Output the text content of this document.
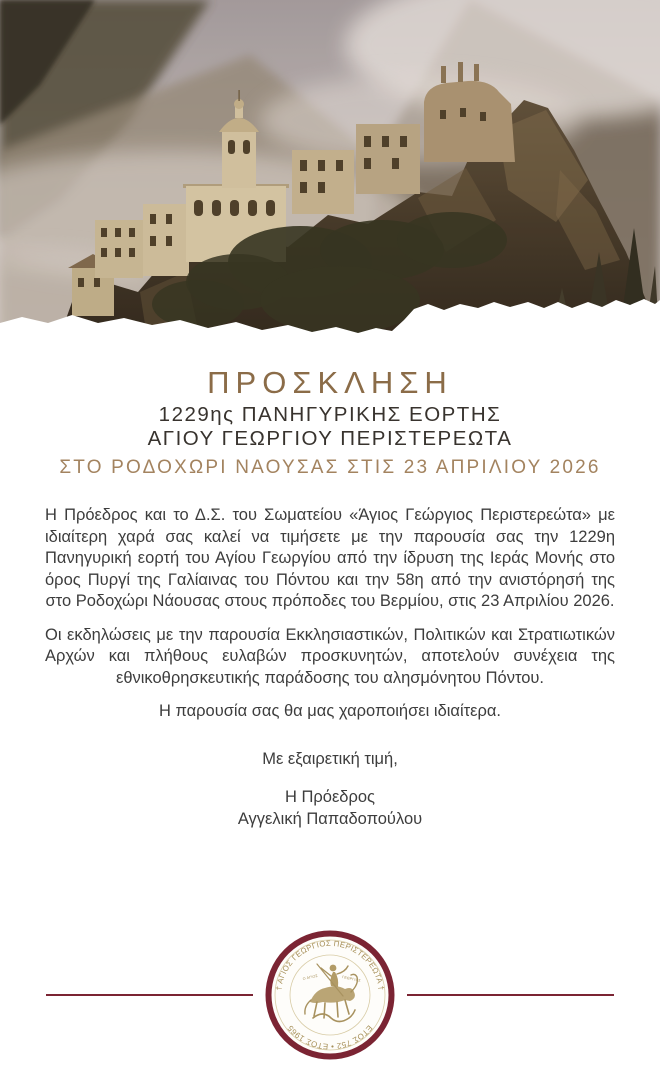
ΠΡΟΣΚΛΗΣΗ
1229ης ΠΑΝΗΓΥΡΙΚΗΣ ΕΟΡΤΗΣ
ΑΓΙΟΥ ΓΕΩΡΓΙΟΥ ΠΕΡΙΣΤΕΡΕΩΤΑ
ΣΤΟ ΡΟΔΟΧΩΡΙ ΝΑΟΥΣΑΣ ΣΤΙΣ 23 ΑΠΡΙΛΙΟΥ 2026

Η Πρόεδρος και το Δ.Σ. του Σωματείου «Άγιος Γεώργιος Περιστερεώτα» με ιδιαίτερη χαρά σας καλεί να τιμήσετε με την παρουσία σας την 1229η Πανηγυρική εορτή του Αγίου Γεωργίου από την ίδρυση της Ιεράς Μονής στο όρος Πυργί της Γαλίαινας του Πόντου και την 58η από την ανιστόρησή της στο Ροδοχώρι Νάουσας στους πρόποδες του Βερμίου, στις 23 Απριλίου 2026.

Οι εκδηλώσεις με την παρουσία Εκκλησιαστικών, Πολιτικών και Στρατιωτικών Αρχών και πλήθους ευλαβών προσκυνητών, αποτελούν συνέχεια της εθνικοθρησκευτικής παράδοσης του αλησμόνητου Πόντου.

Η παρουσία σας θα μας χαροποιήσει ιδιαίτερα.

Με εξαιρετική τιμή,

Η Πρόεδρος
Αγγελική Παπαδοπούλου
† ΑΓΙΟΣ ΓΕΩΡΓΙΟΣ ΠΕΡΙΣΤΕΡΕΩΤΑ †
ΕΤΟΣ 752 • ΕΤΟΣ 1965
Ο ΑΓΙΟΣ	ΓΕΩΡΓΙΟΣ
